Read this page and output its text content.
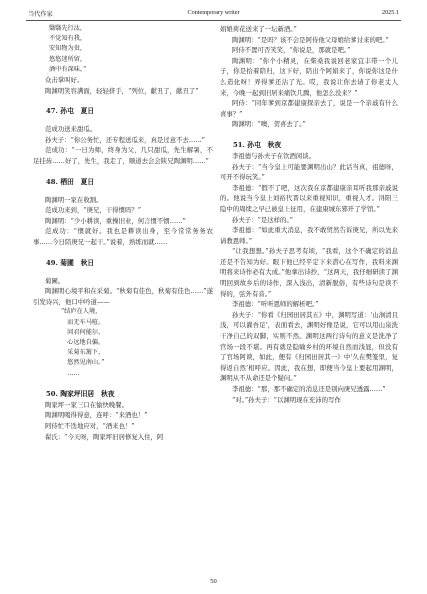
当代作家	Contemporary writer	2025.1

翳翳先行汰，

不觉知有我，

安知物为贵，

悠悠迷所留，

酒中有深味。”

众击掌叫好。

陶渊明笑容满面，轻轻挤手，“列位，献丑了，献丑了”

47. 孙屯　夏日

范成功送来甜瓜。

孙夫子：“你公务忙，还专程送瓜来，真是过意不去……”

范成功：“一日为师，终身为父，几只甜瓜，先生解暑，不足挂齿……好了，先生，我走了，顺道去会会陕兄陶渊明……”

48. 栖田　夏日

陶渊明一家在收割。

范成功来到，“庚兄，干得惯吗？”

陶渊明：“少小耕读，重操旧业，何言惯不惯……”

范成功：“惯就好。我也是耕读出身，至今常常务务农事……今日陪庚兄一起干。”说着，熟练而就……

49. 菊圃　秋日

菊圃。

陶渊明心境平和在采菊。“秋菊有佳色，秋菊有佳色……”遂引发诗兴，他口中吟道——

“结庐在人境，

　而无车马喧。

　问君何能尔，

　心远地自偏。

　采菊东篱下，

　悠然见南山。”

　……

50. 陶家坪旧居　秋夜

陶家坪一家三口在愉快晚餐。

陶渊明喝得得意，连呼：“来酒也！”

阿侍忙不迭地应对，“酒来也！”

翟氏：“今天呀，陶家坪旧居修复入住，阿

娟娘荷花送来了一坛新酒。”

陶渊明：“是吗？该不会是阿侍他父母娘给爹讨来的吧。”

阿侍不置可否笑笑，“你说是，那就是吧。”

陶渊明：“你个小精灵，在柴桑我说回老家宜丰带一个儿子，你是拾着陪归，这下好，陪出个阿娟来了，你说你这是什么造化呀！弄得爹还沾了光。哎，我说让你去请了你老丈人来，今晚一起到旧居来痛饮几腾，他怎么没来？”

阿侍：“同年爹到京都建康探亲去了，说是一个亲戚有什么喜事？”

陶渊明：“噢，贺喜去了。”

51. 孙屯　秋夜

李祖德与孙夫子在饮酒闲谈。

孙夫子：“当今皇上可能要渊明出山？此话当真，祖德呀，可开不得玩笑。”

李祖德：“假不了吧，这次我在京都建康亲耳听我那亲戚说的。他说当今皇上刘裕代晋以来重视知识，重视人才。浔阳三隐中的周续之早已被皇上征用，在建康城东邪开了学馆。”

孙夫子：“是这样的。”

李祖德：“如此重大消息，我不敢贸然告诉庚兄，所以先来请教恩师。”

“让我想想。”孙夫子思考有顷，“我看，这个不确定的消息还是不告知为好。眼下他已经平定下来潜心在写作，我料来渊明将来诗作必有大成。”他拿出诗抄，“这两天，我仔细研读了渊明回到故乡后的诗作，深入浅出，清新脱俗，有些诗句是读不得的，弦外有音。”

李祖德：“听听恩师的解析吧。”

孙夫子：“你看《归园田居其五》中，渊明写道：‘山涧清且浅，可以濯吾足’，表面看去，渊明好像是说，它可以用山泉洗干净自己的双脚，实则不然。渊明这两行诗句的意义是洗净了官场一段不堪。再有就是隐喻乡村的环境自然而浅显，但没有了官场阿谀，如此，便有《归园田居其一》中‘久在樊笼里，复得返自然’相呼应。因此，我在想，即便当今皇上要起用渊明，渊明从不从命还是个疑问。”

李祖德：“那，那不确定的消息还是别向庚兄透露……”

“对。”孙夫子：“以渊明现在充沛的写作

50
